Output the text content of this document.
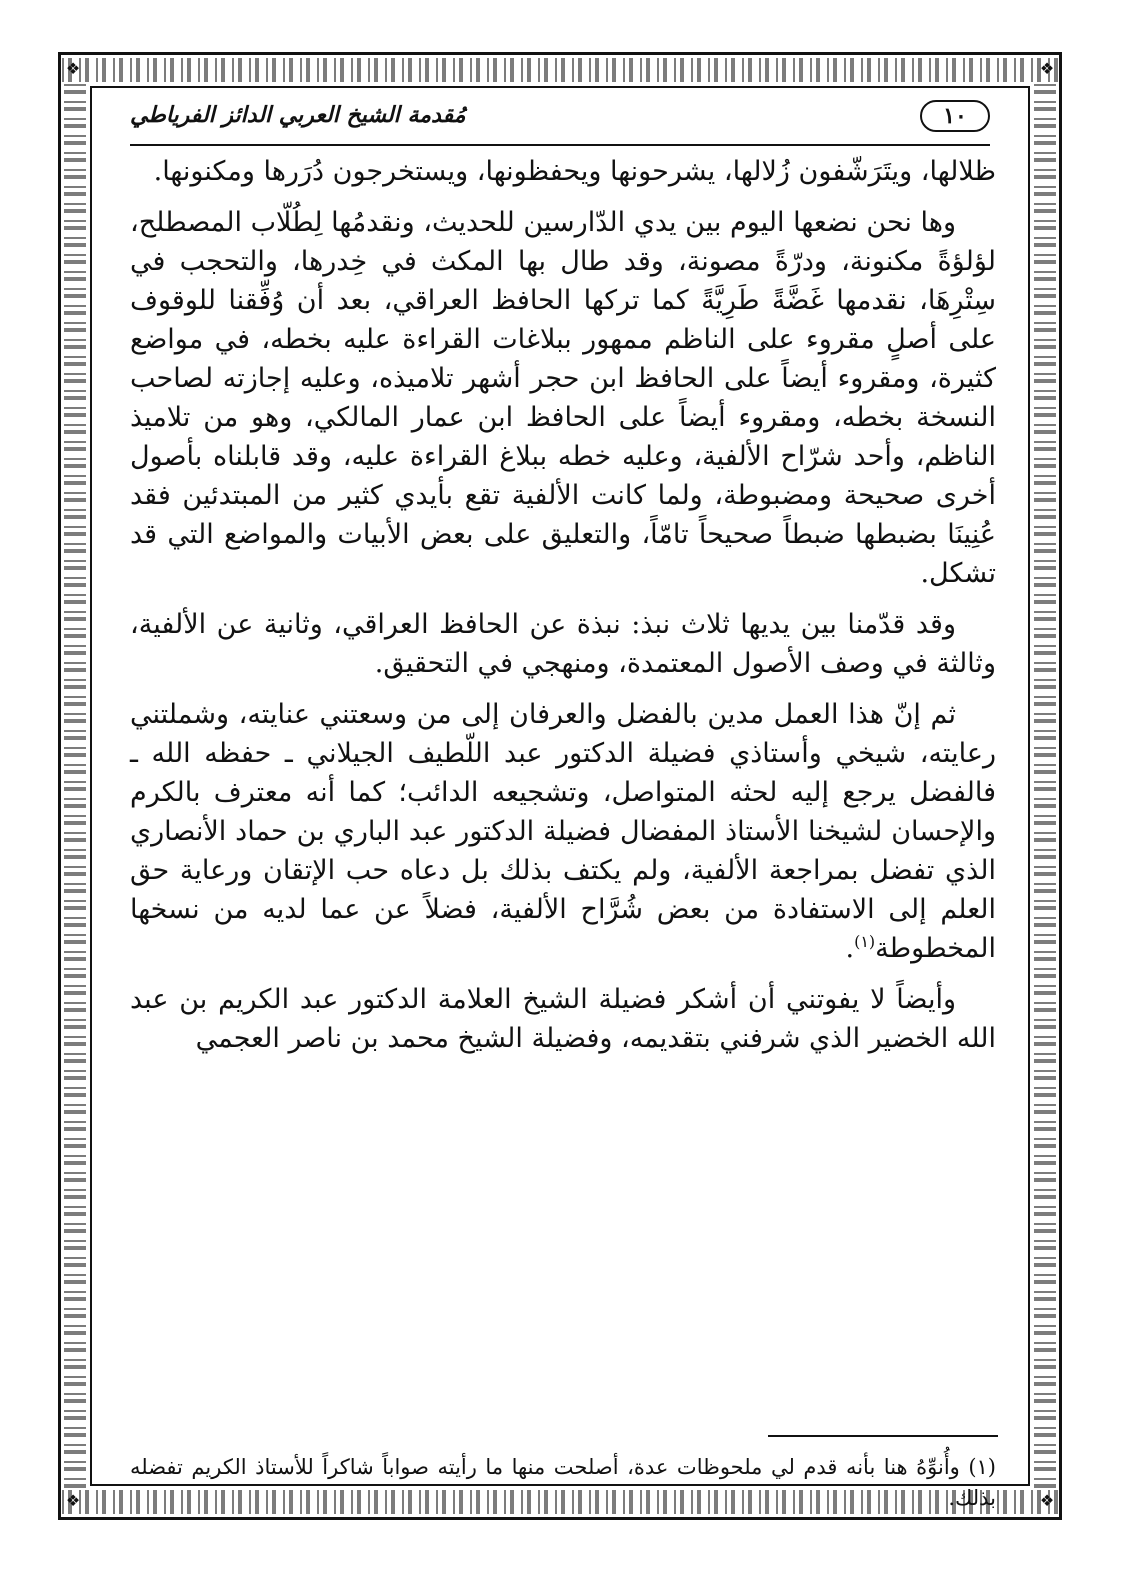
❖	❖
❖	❖
١٠
مُقدمة الشيخ العربي الدائز الفرياطي

ظلالها، ويتَرَشّفون زُلالها، يشرحونها ويحفظونها، ويستخرجون دُرَرها ومكنونها.

وها نحن نضعها اليوم بين يدي الدّارسين للحديث، ونقدمُها لِطُلّاب المصطلح، لؤلؤةً مكنونة، ودرّةً مصونة، وقد طال بها المكث في خِدرها، والتحجب في سِتْرِهَا، نقدمها غَضَّةً طَرِيَّةً كما تركها الحافظ العراقي، بعد أن وُفِّقنا للوقوف على أصلٍ مقروء على الناظم ممهور ببلاغات القراءة عليه بخطه، في مواضع كثيرة، ومقروء أيضاً على الحافظ ابن حجر أشهر تلاميذه، وعليه إجازته لصاحب النسخة بخطه، ومقروء أيضاً على الحافظ ابن عمار المالكي، وهو من تلاميذ الناظم، وأحد شرّاح الألفية، وعليه خطه ببلاغ القراءة عليه، وقد قابلناه بأصول أخرى صحيحة ومضبوطة، ولما كانت الألفية تقع بأيدي كثير من المبتدئين فقد عُنِينَا بضبطها ضبطاً صحيحاً تامّاً، والتعليق على بعض الأبيات والمواضع التي قد تشكل.

وقد قدّمنا بين يديها ثلاث نبذ: نبذة عن الحافظ العراقي، وثانية عن الألفية، وثالثة في وصف الأصول المعتمدة، ومنهجي في التحقيق.

ثم إنّ هذا العمل مدين بالفضل والعرفان إلى من وسعتني عنايته، وشملتني رعايته، شيخي وأستاذي فضيلة الدكتور عبد اللّطيف الجيلاني ـ حفظه الله ـ فالفضل يرجع إليه لحثه المتواصل، وتشجيعه الدائب؛ كما أنه معترف بالكرم والإحسان لشيخنا الأستاذ المفضال فضيلة الدكتور عبد الباري بن حماد الأنصاري الذي تفضل بمراجعة الألفية، ولم يكتف بذلك بل دعاه حب الإتقان ورعاية حق العلم إلى الاستفادة من بعض شُرَّاح الألفية، فضلاً عن عما لديه من نسخها المخطوطة$^{(١)}$.

وأيضاً لا يفوتني أن أشكر فضيلة الشيخ العلامة الدكتور عبد الكريم بن عبد الله الخضير الذي شرفني بتقديمه، وفضيلة الشيخ محمد بن ناصر العجمي

(١) وأُنوِّهُ هنا بأنه قدم لي ملحوظات عدة، أصلحت منها ما رأيته صواباً شاكراً للأستاذ الكريم تفضله بذلك.
